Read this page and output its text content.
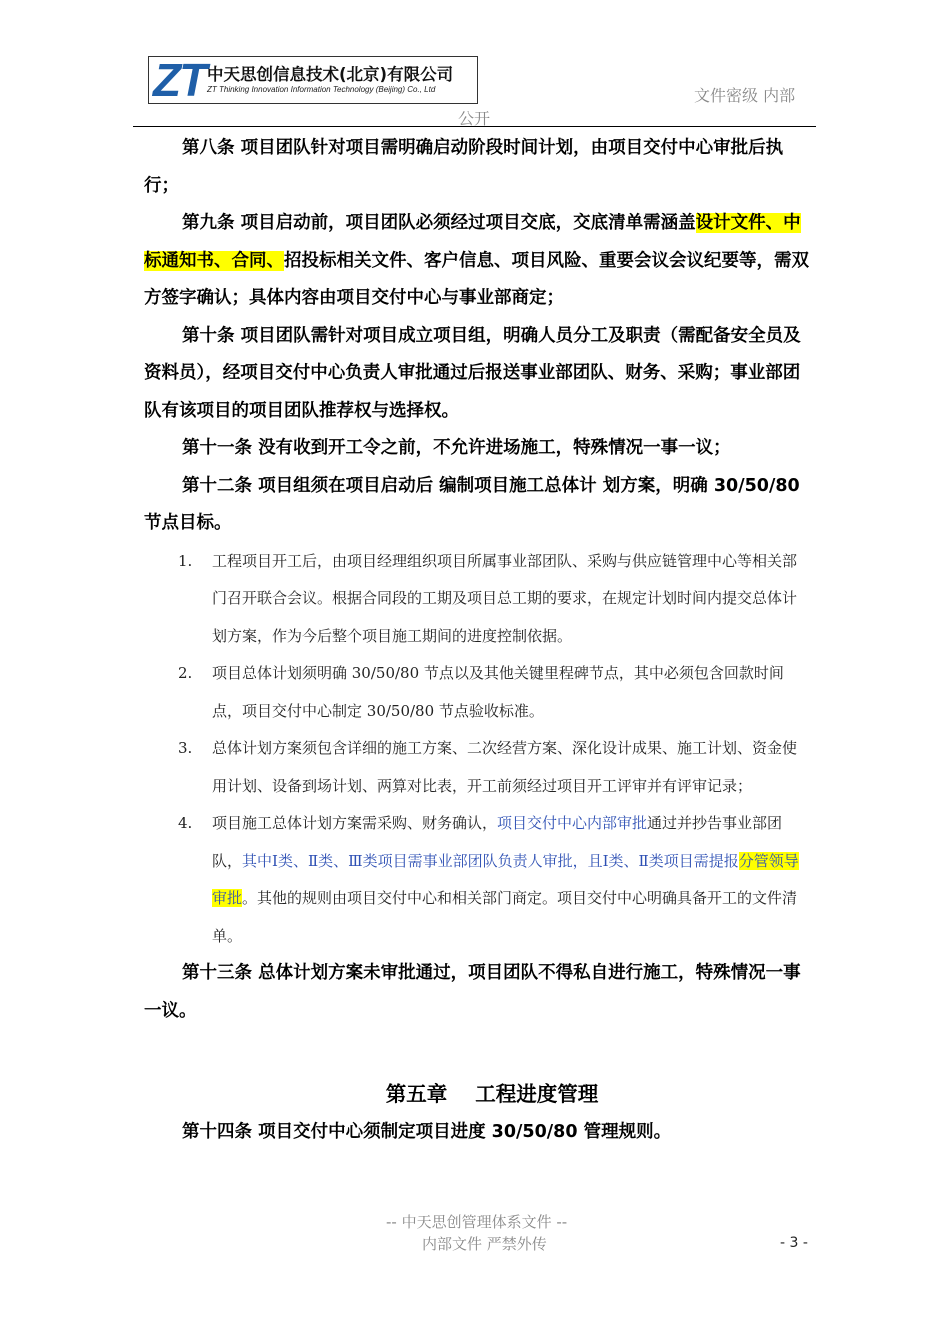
ZT 中天思创信息技术(北京)有限公司
ZT Thinking Innovation Information Technology (Beijing) Co., Ltd	文件密级 内部
公开

第八条 项目团队针对项目需明确启动阶段时间计划，由项目交付中心审批后执行；

第九条 项目启动前，项目团队必须经过项目交底，交底清单需涵盖设计文件、中标通知书、合同、招投标相关文件、客户信息、项目风险、重要会议会议纪要等，需双方签字确认；具体内容由项目交付中心与事业部商定；

第十条 项目团队需针对项目成立项目组，明确人员分工及职责（需配备安全员及资料员），经项目交付中心负责人审批通过后报送事业部团队、财务、采购；事业部团队有该项目的项目团队推荐权与选择权。

第十一条 没有收到开工令之前，不允许进场施工，特殊情况一事一议；

第十二条 项目组须在项目启动后 编制项目施工总体计 划方案，明确 30/50/80 节点目标。

1. 工程项目开工后，由项目经理组织项目所属事业部团队、采购与供应链管理中心等相关部门召开联合会议。根据合同段的工期及项目总工期的要求，在规定计划时间内提交总体计划方案，作为今后整个项目施工期间的进度控制依据。
2. 项目总体计划须明确 30/50/80 节点以及其他关键里程碑节点，其中必须包含回款时间点，项目交付中心制定 30/50/80 节点验收标准。
3. 总体计划方案须包含详细的施工方案、二次经营方案、深化设计成果、施工计划、资金使用计划、设备到场计划、两算对比表，开工前须经过项目开工评审并有评审记录；
4. 项目施工总体计划方案需采购、财务确认，项目交付中心内部审批通过并抄告事业部团队，其中Ⅰ类、Ⅱ类、Ⅲ类项目需事业部团队负责人审批，且Ⅰ类、Ⅱ类项目需提报分管领导审批。其他的规则由项目交付中心和相关部门商定。项目交付中心明确具备开工的文件清单。

第十三条 总体计划方案未审批通过，项目团队不得私自进行施工，特殊情况一事一议。

第五章 工程进度管理

第十四条 项目交付中心须制定项目进度 30/50/80 管理规则。

-- 中天思创管理体系文件 --
内部文件 严禁外传	- 3 -
